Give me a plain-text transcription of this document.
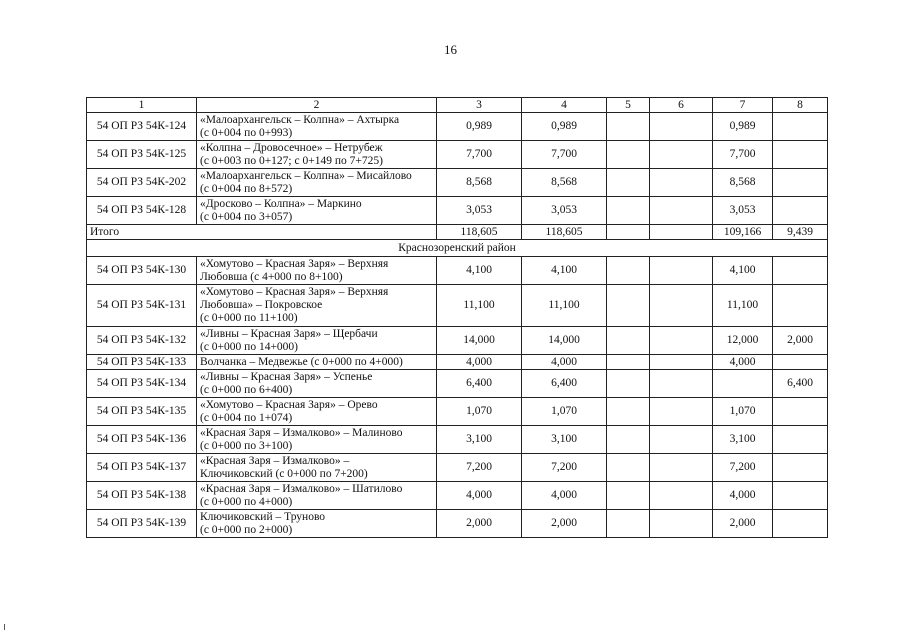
16
1	2	3	4	5	6	7	8
54 ОП РЗ 54К-124	«Малоархангельск – Колпна» – Ахтырка
(с 0+004 по 0+993)	0,989	0,989			0,989	
54 ОП РЗ 54К-125	«Колпна – Дровосечное» – Нетрубеж
(с 0+003 по 0+127; с 0+149 по 7+725)	7,700	7,700			7,700	
54 ОП РЗ 54К-202	«Малоархангельск – Колпна» – Мисайлово
(с 0+004 по 8+572)	8,568	8,568			8,568	
54 ОП РЗ 54К-128	«Дросково – Колпна» – Маркино
(с 0+004 по 3+057)	3,053	3,053			3,053	
Итого		118,605	118,605			109,166	9,439
Краснозоренский район							
54 ОП РЗ 54К-130	«Хомутово – Красная Заря» – Верхняя
Любовша (с 4+000 по 8+100)	4,100	4,100			4,100	
54 ОП РЗ 54К-131	«Хомутово – Красная Заря» – Верхняя
Любовша» – Покровское
(с 0+000 по 11+100)	11,100	11,100			11,100	
54 ОП РЗ 54К-132	«Ливны – Красная Заря» – Щербачи
(с 0+000 по 14+000)	14,000	14,000			12,000	2,000
54 ОП РЗ 54К-133	Волчанка – Медвежье (с 0+000 по 4+000)	4,000	4,000			4,000	
54 ОП РЗ 54К-134	«Ливны – Красная Заря» – Успенье
(с 0+000 по 6+400)	6,400	6,400				6,400
54 ОП РЗ 54К-135	«Хомутово – Красная Заря» – Орево
(с 0+004 по 1+074)	1,070	1,070			1,070	
54 ОП РЗ 54К-136	«Красная Заря – Измалково» – Малиново
(с 0+000 по 3+100)	3,100	3,100			3,100	
54 ОП РЗ 54К-137	«Красная Заря – Измалково» –
Ключиковский (с 0+000 по 7+200)	7,200	7,200			7,200	
54 ОП РЗ 54К-138	«Красная Заря – Измалково» – Шатилово
(с 0+000 по 4+000)	4,000	4,000			4,000	
54 ОП РЗ 54К-139	Ключиковский – Труново
(с 0+000 по 2+000)	2,000	2,000			2,000	
